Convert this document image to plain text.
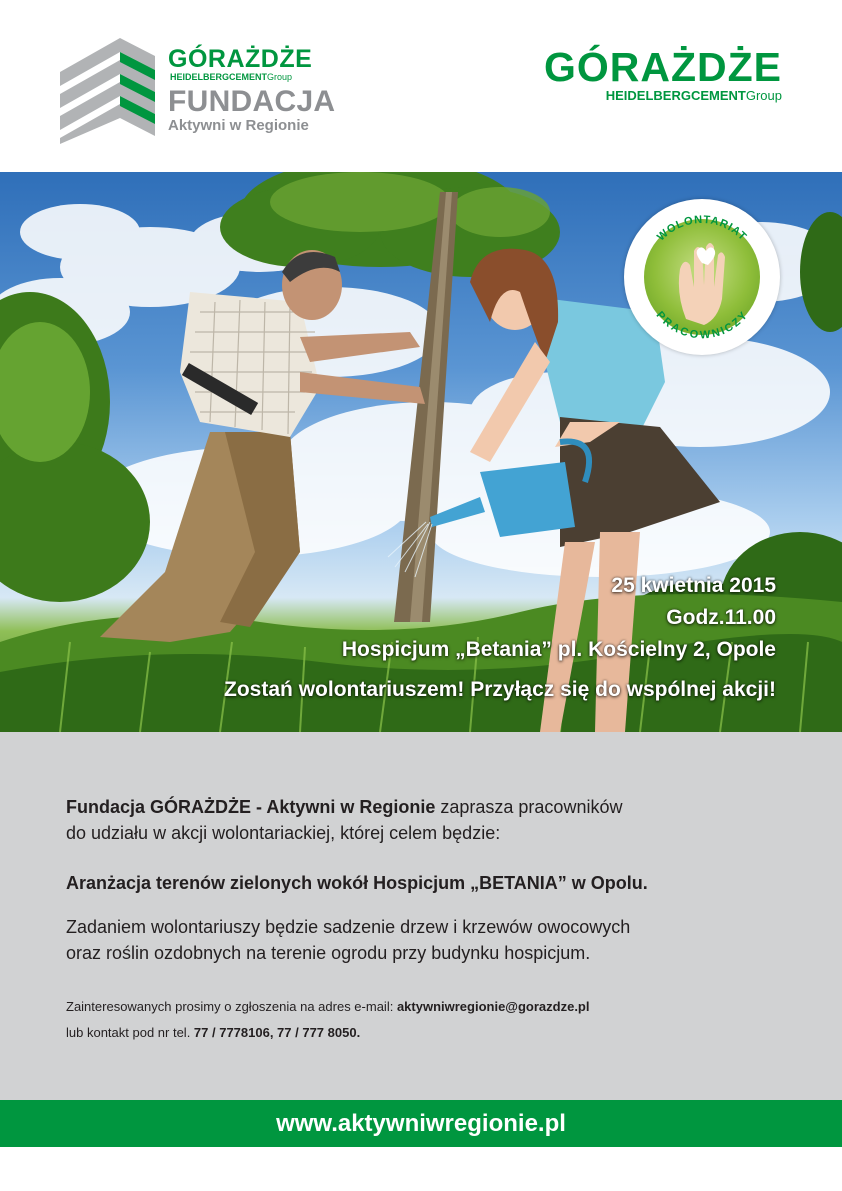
GÓRAŻDŻE
HEIDELBERGCEMENTGroup
FUNDACJA
Aktywni w Regionie
GÓRAŻDŻE
HEIDELBERGCEMENTGroup
WOLONTARIAT
PRACOWNICZY
25 kwietnia 2015
Godz.11.00
Hospicjum „Betania” pl. Kościelny 2, Opole
Zostań wolontariuszem! Przyłącz się do wspólnej akcji!
Fundacja GÓRAŻDŻE - Aktywni w Regionie zaprasza pracowników
do udziału w akcji wolontariackiej, której celem będzie:
Aranżacja terenów zielonych wokół Hospicjum „BETANIA” w Opolu.
Zadaniem wolontariuszy będzie sadzenie drzew i krzewów owocowych
oraz roślin ozdobnych na terenie ogrodu przy budynku hospicjum.
Zainteresowanych prosimy o zgłoszenia na adres e-mail: aktywniwregionie@gorazdze.pl
lub kontakt pod nr tel. 77 / 7778106, 77 / 777 8050.
www.aktywniwregionie.pl
